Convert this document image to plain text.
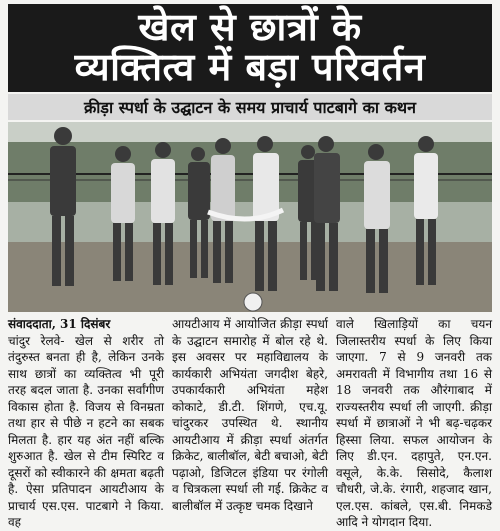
खेल से छात्रों के
व्यक्तित्व में बड़ा परिवर्तन
क्रीड़ा स्पर्धा के उद्घाटन के समय प्राचार्य पाटबागे का कथन

संवाददाता, 31 दिसंबर

चांदुर रेलवे- खेल से शरीर तो तंदुरुस्त बनता ही है, लेकिन उनके साथ छात्रों का व्यक्तित्व भी पूरी तरह बदल जाता है. उनका सर्वांगीण विकास होता है. विजय से विनम्रता तथा हार से पीछे न हटने का सबक मिलता है. हार यह अंत नहीं बल्कि शुरुआत है. खेल से टीम स्पिरिट व दूसरों को स्वीकारने की क्षमता बढ़ती है. ऐसा प्रतिपादन आयटीआय के प्राचार्य एस.एस. पाटबागे ने किया. वह

आयटीआय में आयोजित क्रीड़ा स्पर्धा के उद्घाटन समारोह में बोल रहे थे. इस अवसर पर महाविद्यालय के कार्यकारी अभियंता जगदीश बेहरे, उपकार्यकारी अभियंता महेश कोकाटे, डी.टी. शिंगणे, एच.यू. चांदुरकर उपस्थित थे. स्थानीय आयटीआय में क्रीड़ा स्पर्धा अंतर्गत क्रिकेट, बालीबॉल, बेटी बचाओ, बेटी पढ़ाओ, डिजिटल इंडिया पर रंगोली व चित्रकला स्पर्धा ली गई. क्रिकेट व बालीबॉल में उत्कृष्ट चमक दिखाने

वाले खिलाड़ियों का चयन जिलास्तरीय स्पर्धा के लिए किया जाएगा. 7 से 9 जनवरी तक अमरावती में विभागीय तथा 16 से 18 जनवरी तक औरंगाबाद में राज्यस्तरीय स्पर्धा ली जाएगी. क्रीड़ा स्पर्धा में छात्राओं ने भी बढ़-चढ़कर हिस्सा लिया. सफल आयोजन के लिए डी.एन. दहापुते, एन.एन. वसूले, के.के. सिसोदे, कैलाश चौधरी, जे.के. रंगारी, शहजाद खान, एल.एस. कांबले, एस.बी. निमकडे आदि ने योगदान दिया.
